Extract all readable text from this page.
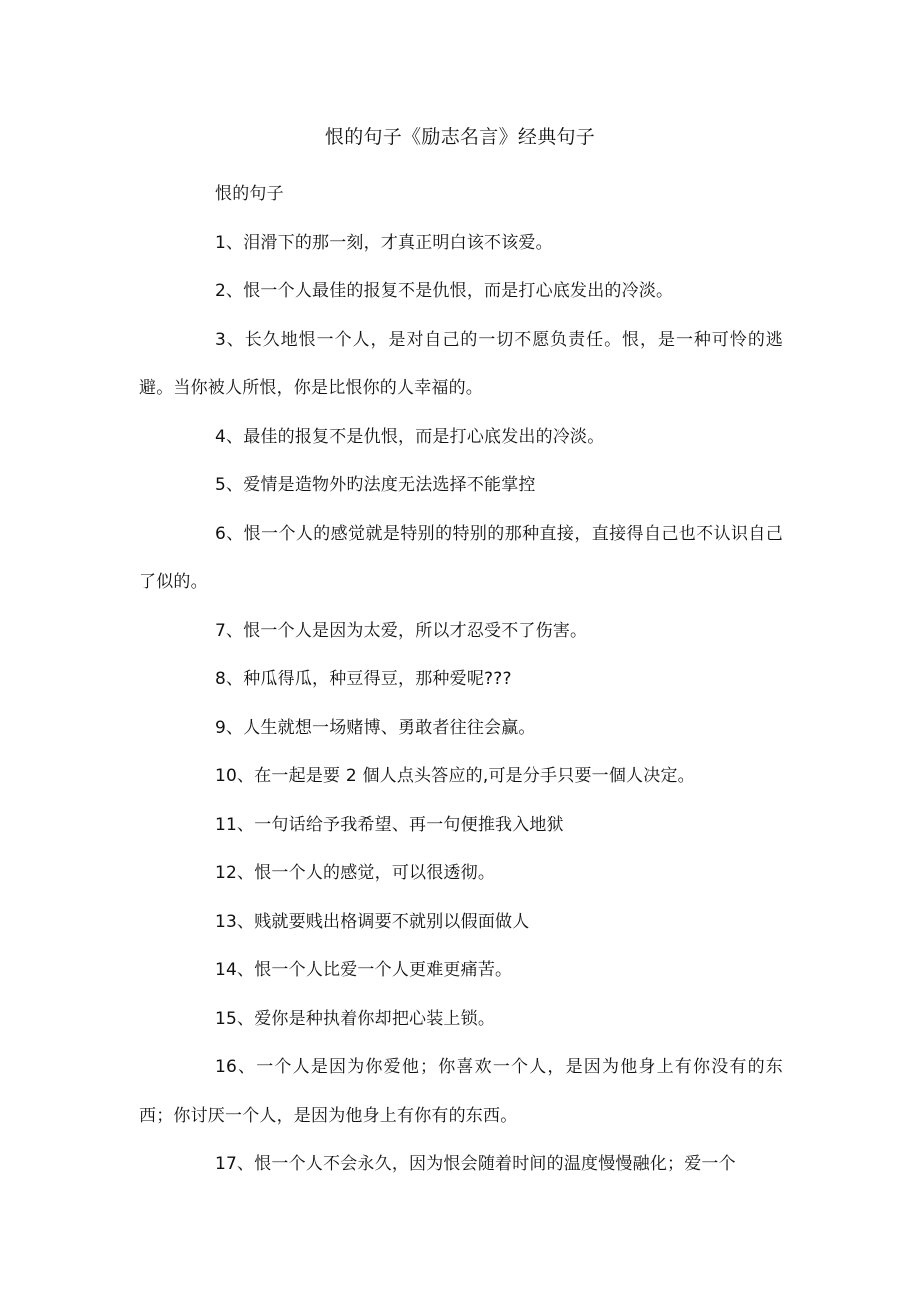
恨的句子《励志名言》经典句子

恨的句子

1、泪滑下的那一刻，才真正明白该不该爱。

2、恨一个人最佳的报复不是仇恨，而是打心底发出的冷淡。

3、长久地恨一个人，是对自己的一切不愿负责任。恨，是一种可怜的逃避。当你被人所恨，你是比恨你的人幸福的。

4、最佳的报复不是仇恨，而是打心底发出的冷淡。

5、爱情是造物外旳法度无法选择不能掌控

6、恨一个人的感觉就是特别的特别的那种直接，直接得自己也不认识自己了似的。

7、恨一个人是因为太爱，所以才忍受不了伤害。

8、种瓜得瓜，种豆得豆，那种爱呢???

9、人生就想一场赌博、勇敢者往往会赢。

10、在一起是要 2 個人点头答应的,可是分手只要一個人决定。

11、一句话给予我希望、再一句便推我入地狱

12、恨一个人的感觉，可以很透彻。

13、贱就要贱出格调要不就别以假面做人

14、恨一个人比爱一个人更难更痛苦。

15、爱你是种执着你却把心装上锁。

16、一个人是因为你爱他；你喜欢一个人，是因为他身上有你没有的东西；你讨厌一个人，是因为他身上有你有的东西。

17、恨一个人不会永久，因为恨会随着时间的温度慢慢融化；爱一个
